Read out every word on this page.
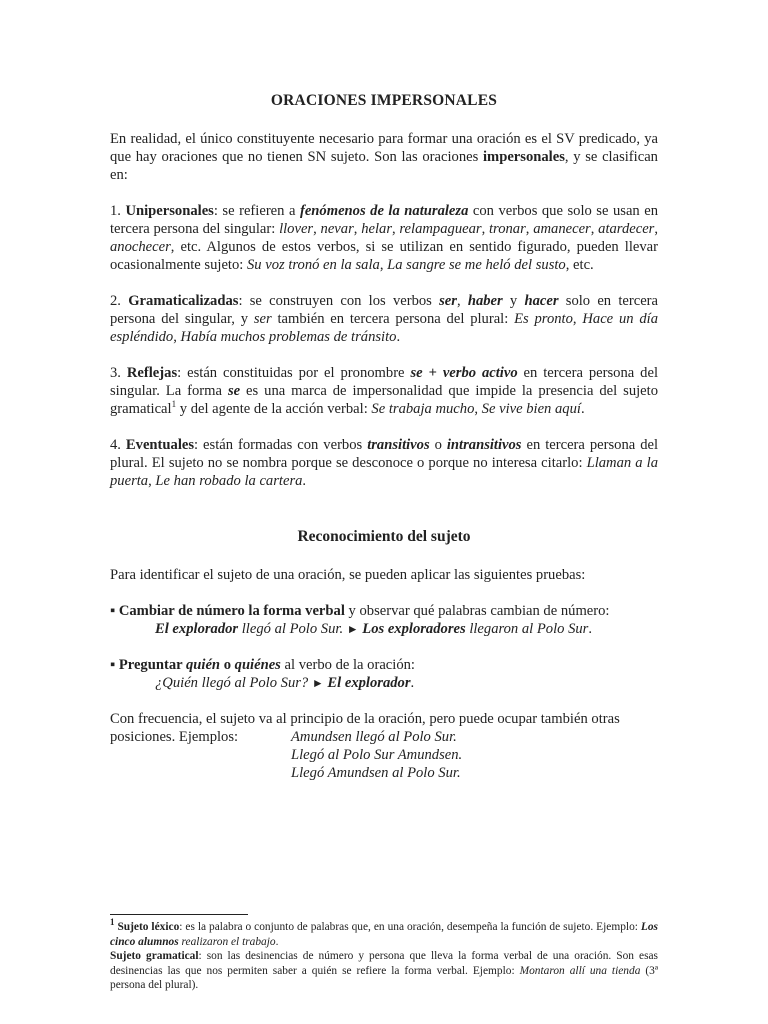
ORACIONES IMPERSONALES

En realidad, el único constituyente necesario para formar una oración es el SV predicado, ya que hay oraciones que no tienen SN sujeto. Son las oraciones impersonales, y se clasifican en:

1. Unipersonales: se refieren a fenómenos de la naturaleza con verbos que solo se usan en tercera persona del singular: llover, nevar, helar, relampaguear, tronar, amanecer, atardecer, anochecer, etc. Algunos de estos verbos, si se utilizan en sentido figurado, pueden llevar ocasionalmente sujeto: Su voz tronó en la sala, La sangre se me heló del susto, etc.

2. Gramaticalizadas: se construyen con los verbos ser, haber y hacer solo en tercera persona del singular, y ser también en tercera persona del plural: Es pronto, Hace un día espléndido, Había muchos problemas de tránsito.

3. Reflejas: están constituidas por el pronombre se + verbo activo en tercera persona del singular. La forma se es una marca de impersonalidad que impide la presencia del sujeto gramatical$^1$ y del agente de la acción verbal: Se trabaja mucho, Se vive bien aquí.

4. Eventuales: están formadas con verbos transitivos o intransitivos en tercera persona del plural. El sujeto no se nombra porque se desconoce o porque no interesa citarlo: Llaman a la puerta, Le han robado la cartera.

Reconocimiento del sujeto

Para identificar el sujeto de una oración, se pueden aplicar las siguientes pruebas:

▪ Cambiar de número la forma verbal y observar qué palabras cambian de número:
El explorador llegó al Polo Sur. ► Los exploradores llegaron al Polo Sur.
▪ Preguntar quién o quiénes al verbo de la oración:
¿Quién llegó al Polo Sur? ► El explorador.
Con frecuencia, el sujeto va al principio de la oración, pero puede ocupar también otras
posiciones. Ejemplos:	Amundsen llegó al Polo Sur.
Llegó al Polo Sur Amundsen.
Llegó Amundsen al Polo Sur.

$^1$ Sujeto léxico: es la palabra o conjunto de palabras que, en una oración, desempeña la función de sujeto. Ejemplo: Los cinco alumnos realizaron el trabajo.

Sujeto gramatical: son las desinencias de número y persona que lleva la forma verbal de una oración. Son esas desinencias las que nos permiten saber a quién se refiere la forma verbal. Ejemplo: Montaron allí una tienda (3ª persona del plural).
